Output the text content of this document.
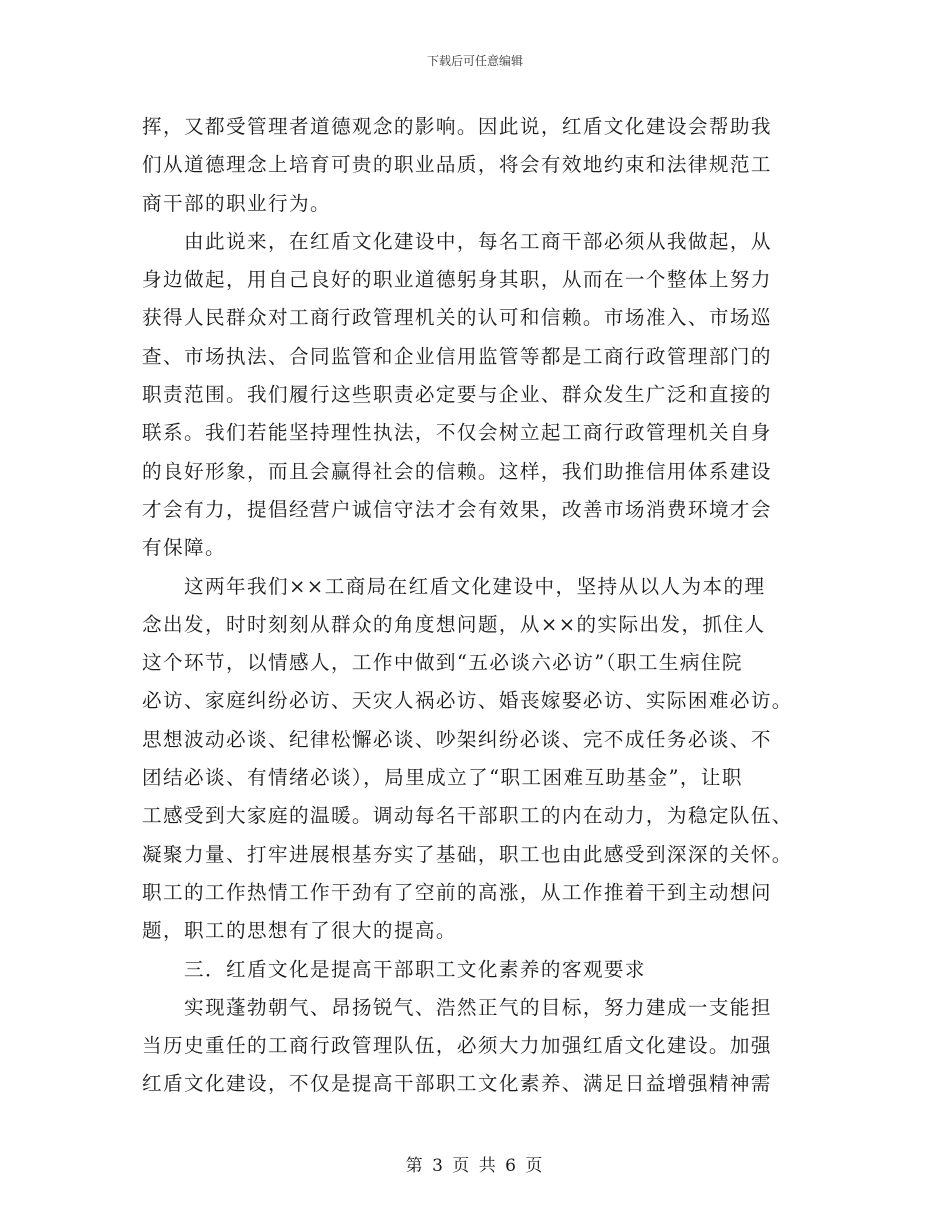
下载后可任意编辑
挥，又都受管理者道德观念的影响。因此说，红盾文化建设会帮助我
们从道德理念上培育可贵的职业品质，将会有效地约束和法律规范工
商干部的职业行为。
由此说来，在红盾文化建设中，每名工商干部必须从我做起，从
身边做起，用自己良好的职业道德躬身其职，从而在一个整体上努力
获得人民群众对工商行政管理机关的认可和信赖。市场准入、市场巡
查、市场执法、合同监管和企业信用监管等都是工商行政管理部门的
职责范围。我们履行这些职责必定要与企业、群众发生广泛和直接的
联系。我们若能坚持理性执法，不仅会树立起工商行政管理机关自身
的良好形象，而且会赢得社会的信赖。这样，我们助推信用体系建设
才会有力，提倡经营户诚信守法才会有效果，改善市场消费环境才会
有保障。
这两年我们××工商局在红盾文化建设中，坚持从以人为本的理
念出发，时时刻刻从群众的角度想问题，从××的实际出发，抓住人
这个环节，以情感人，工作中做到“五必谈六必访”（职工生病住院
必访、家庭纠纷必访、天灾人祸必访、婚丧嫁娶必访、实际困难必访。
思想波动必谈、纪律松懈必谈、吵架纠纷必谈、完不成任务必谈、不
团结必谈、有情绪必谈），局里成立了“职工困难互助基金”，让职
工感受到大家庭的温暖。调动每名干部职工的内在动力，为稳定队伍、
凝聚力量、打牢进展根基夯实了基础，职工也由此感受到深深的关怀。
职工的工作热情工作干劲有了空前的高涨，从工作推着干到主动想问
题，职工的思想有了很大的提高。
三．红盾文化是提高干部职工文化素养的客观要求
实现蓬勃朝气、昂扬锐气、浩然正气的目标，努力建成一支能担
当历史重任的工商行政管理队伍，必须大力加强红盾文化建设。加强
红盾文化建设，不仅是提高干部职工文化素养、满足日益增强精神需
第 3 页 共 6 页
